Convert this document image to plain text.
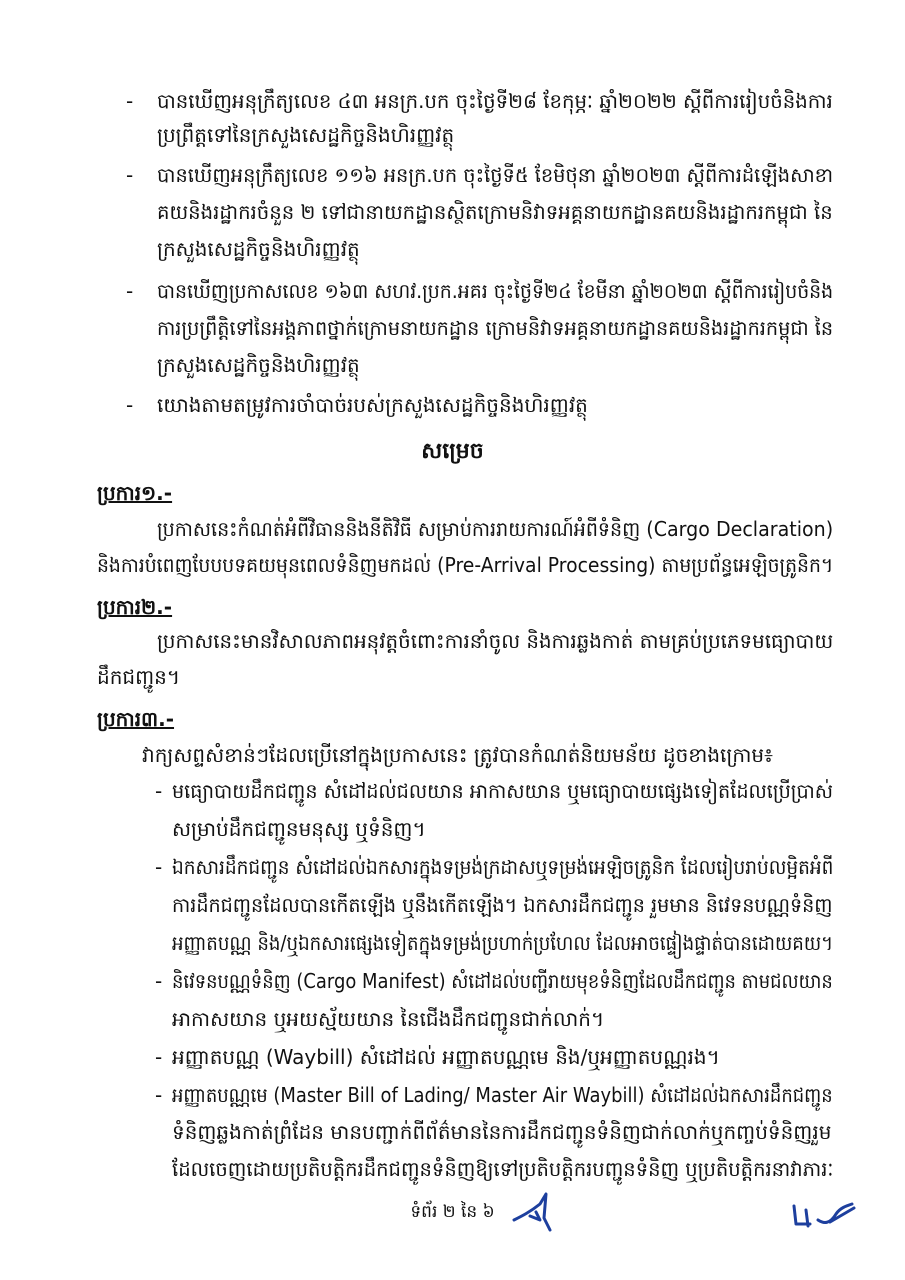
- បានឃើញអនុក្រឹត្យលេខ ៤៣ អនក្រ.បក ចុះថ្ងៃទី២៨ ខែកុម្ភៈ ឆ្នាំ២០២២ ស្តីពីការរៀបចំនិងការ
ប្រព្រឹត្តទៅនៃក្រសួងសេដ្ឋកិច្ចនិងហិរញ្ញវត្ថុ
- បានឃើញអនុក្រឹត្យលេខ ១១៦ អនក្រ.បក ចុះថ្ងៃទី៥ ខែមិថុនា ឆ្នាំ២០២៣ ស្តីពីការដំឡើងសាខា
គយនិងរដ្ឋាករចំនួន ២ ទៅជានាយកដ្ឋានស្ថិតក្រោមនិវាទអគ្គនាយកដ្ឋានគយនិងរដ្ឋាករកម្ពុជា នៃ
ក្រសួងសេដ្ឋកិច្ចនិងហិរញ្ញវត្ថុ
- បានឃើញប្រកាសលេខ ១៦៣ សហវ.ប្រក.អគរ ចុះថ្ងៃទី២៤ ខែមីនា ឆ្នាំ២០២៣ ស្តីពីការរៀបចំនិង
ការប្រព្រឹត្តិទៅនៃអង្គភាពថ្នាក់ក្រោមនាយកដ្ឋាន ក្រោមនិវាទអគ្គនាយកដ្ឋានគយនិងរដ្ឋាករកម្ពុជា នៃ
ក្រសួងសេដ្ឋកិច្ចនិងហិរញ្ញវត្ថុ
- យោងតាមតម្រូវការចាំបាច់របស់ក្រសួងសេដ្ឋកិច្ចនិងហិរញ្ញវត្ថុ
សម្រេច
ប្រការ១.-
ប្រកាសនេះកំណត់អំពីវិធាននិងនីតិវិធី សម្រាប់ការរាយការណ៍អំពីទំនិញ (Cargo Declaration)
និងការបំពេញបែបបទគយមុនពេលទំនិញមកដល់ (Pre-Arrival Processing) តាមប្រព័ន្ធអេឡិចត្រូនិក។
ប្រការ២.-
ប្រកាសនេះមានវិសាលភាពអនុវត្តចំពោះការនាំចូល និងការឆ្លងកាត់ តាមគ្រប់ប្រភេទមធ្យោបាយ
ដឹកជញ្ជូន។
ប្រការ៣.-
វាក្យសព្ទសំខាន់ៗដែលប្រើនៅក្នុងប្រកាសនេះ ត្រូវបានកំណត់និយមន័យ ដូចខាងក្រោម៖
- មធ្យោបាយដឹកជញ្ជូន សំដៅដល់ជលយាន អាកាសយាន ឬមធ្យោបាយផ្សេងទៀតដែលប្រើប្រាស់
សម្រាប់ដឹកជញ្ជូនមនុស្ស ឬទំនិញ។
- ឯកសារដឹកជញ្ជូន សំដៅដល់ឯកសារក្នុងទម្រង់ក្រដាសឬទម្រង់អេឡិចត្រូនិក ដែលរៀបរាប់លម្អិតអំពី
ការដឹកជញ្ជូនដែលបានកើតឡើង ឬនឹងកើតឡើង។ ឯកសារដឹកជញ្ជូន រួមមាន និវេទនបណ្ណទំនិញ
អញ្ញាតបណ្ណ និង/ឬឯកសារផ្សេងទៀតក្នុងទម្រង់ប្រហាក់ប្រហែល ដែលអាចផ្ទៀងផ្ទាត់បានដោយគយ។
- និវេទនបណ្ណទំនិញ (Cargo Manifest) សំដៅដល់បញ្ជីរាយមុខទំនិញដែលដឹកជញ្ជូន តាមជលយាន
អាកាសយាន ឬអយស្ម័យយាន នៃជើងដឹកជញ្ជូនជាក់លាក់។
- អញ្ញាតបណ្ណ (Waybill) សំដៅដល់ អញ្ញាតបណ្ណមេ និង/ឬអញ្ញាតបណ្ណរង។
- អញ្ញាតបណ្ណមេ (Master Bill of Lading/ Master Air Waybill) សំដៅដល់ឯកសារដឹកជញ្ជូន
ទំនិញឆ្លងកាត់ព្រំដែន មានបញ្ជាក់ពីព័ត៌មាននៃការដឹកជញ្ជូនទំនិញជាក់លាក់ឬកញ្ចប់ទំនិញរួម
ដែលចេញដោយប្រតិបត្តិករដឹកជញ្ជូនទំនិញឱ្យទៅប្រតិបត្តិករបញ្ជូនទំនិញ ឬប្រតិបត្តិករនាវាភារៈ
ទំព័រ ២ នៃ ៦
